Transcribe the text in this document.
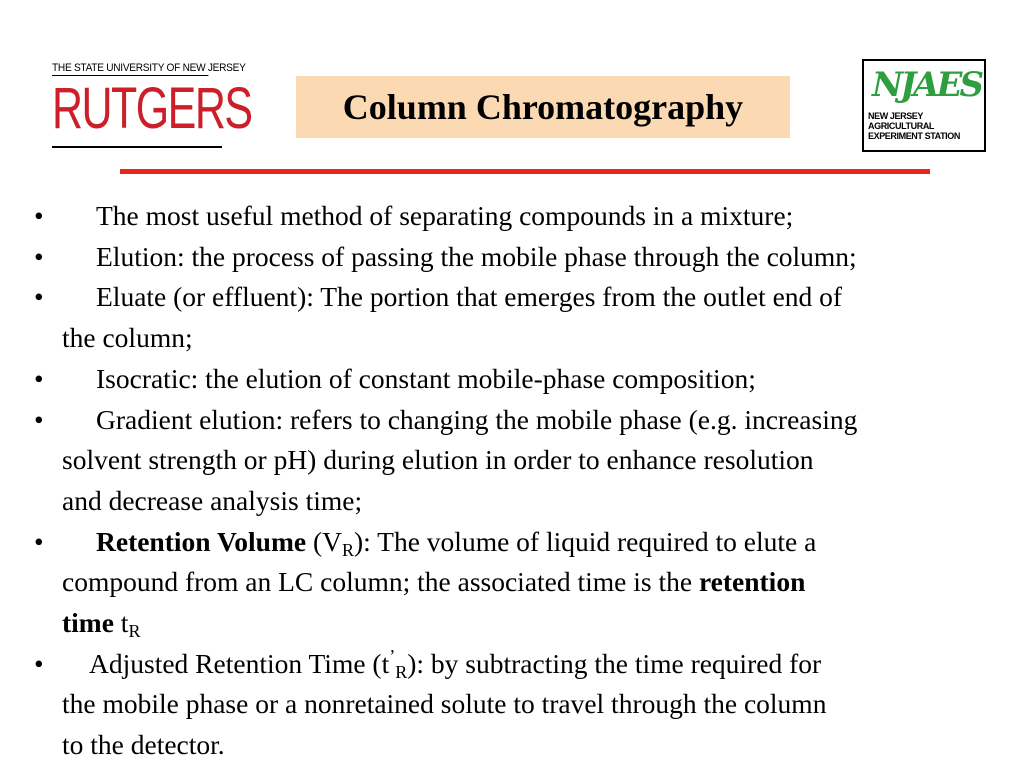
THE STATE UNIVERSITY OF NEW JERSEY
RUTGERS	Column Chromatography
NJAES
NEW JERSEY
AGRICULTURAL
EXPERIMENT STATION
• The most useful method of separating compounds in a mixture;
• Elution: the process of passing the mobile phase through the column;
• Eluate (or effluent): The portion that emerges from the outlet end of
the column;
• Isocratic: the elution of constant mobile-phase composition;
• Gradient elution: refers to changing the mobile phase (e.g. increasing
solvent strength or pH) during elution in order to enhance resolution
and decrease analysis time;
• Retention Volume $(V_R)$: The volume of liquid required to elute a
compound from an LC column; the associated time is the retention
time $t_R$
• Adjusted Retention Time $(t^’_R)$: by subtracting the time required for
the mobile phase or a nonretained solute to travel through the column
to the detector.
